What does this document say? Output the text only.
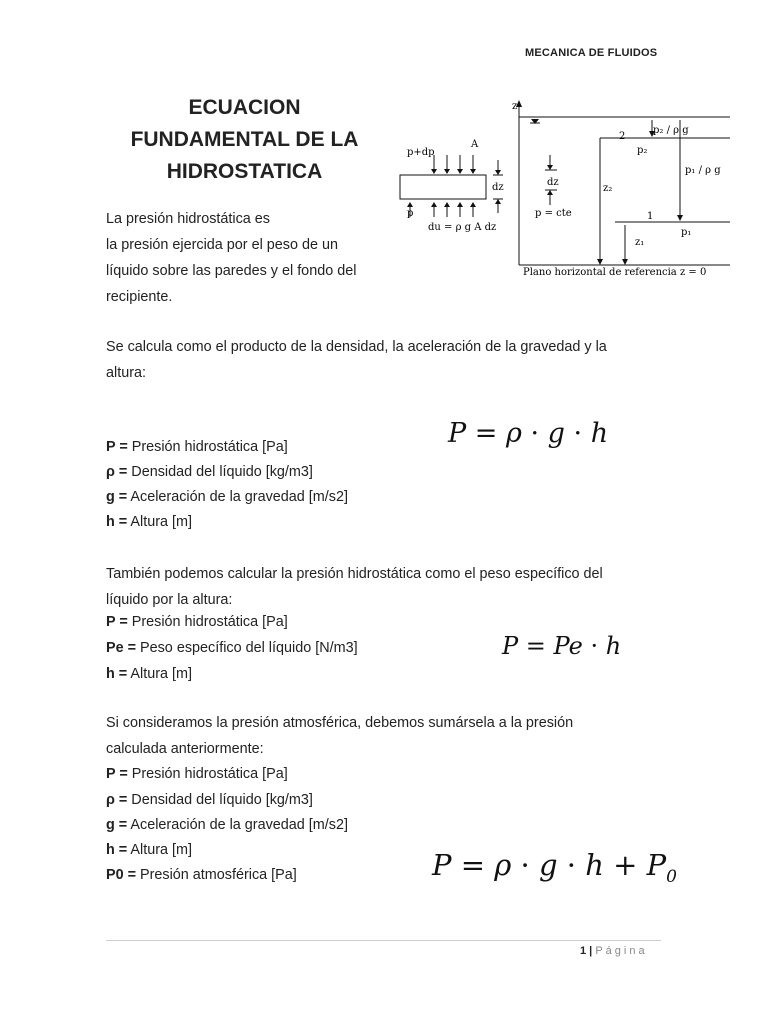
MECANICA DE FLUIDOS
ECUACION
FUNDAMENTAL DE LA
HIDROSTATICA
p+dp
A
dz
p
du = ρ g A dz
z
2
p₂ / ρ g
p₂
p₁ / ρ g
dz
z₂
p = cte	1
p₁
z₁
Plano horizontal de referencia z = 0
La presión hidrostática es
la presión ejercida por el peso de un
líquido sobre las paredes y el fondo del
recipiente.
Se calcula como el producto de la densidad, la aceleración de la gravedad y la
altura:
P = Presión hidrostática [Pa]
ρ = Densidad del líquido [kg/m3]
g = Aceleración de la gravedad [m/s2]
h = Altura [m]
P = ρ · g · h
También podemos calcular la presión hidrostática como el peso específico del
líquido por la altura:
P = Presión hidrostática [Pa]
Pe = Peso específico del líquido [N/m3]
h = Altura [m]
P = Pe · h
Si consideramos la presión atmosférica, debemos sumársela a la presión
calculada anteriormente:
P = Presión hidrostática [Pa]
ρ = Densidad del líquido [kg/m3]
g = Aceleración de la gravedad [m/s2]
h = Altura [m]
P0 = Presión atmosférica [Pa]	$P = \rho \cdot g \cdot h + P_0$
1 | Página
